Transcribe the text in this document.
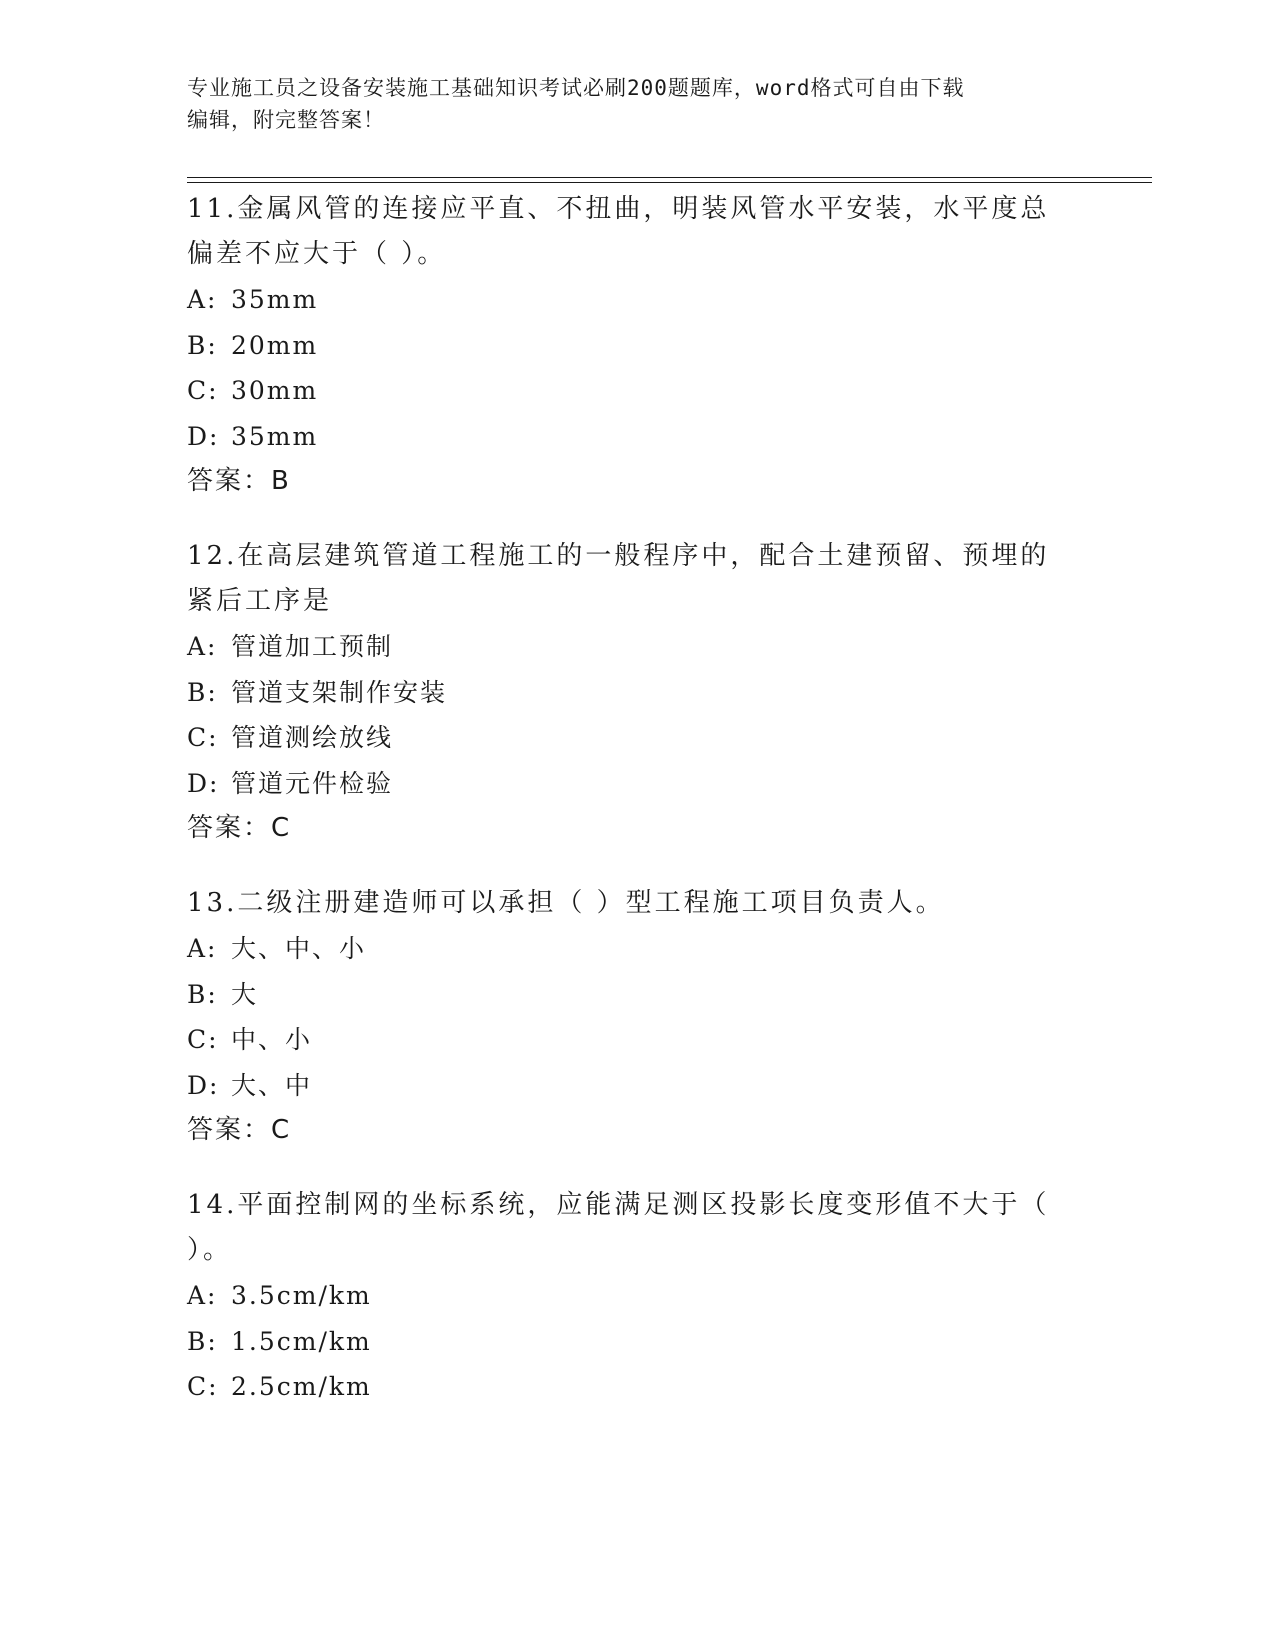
专业施工员之设备安装施工基础知识考试必刷200题题库，word格式可自由下载
编辑，附完整答案！

11.金属风管的连接应平直、不扭曲，明装风管水平安装，水平度总偏差不应大于（ ）。

A: 35mm
B: 20mm
C: 30mm
D: 35mm
答案：B

12.在高层建筑管道工程施工的一般程序中，配合土建预留、预埋的紧后工序是

A: 管道加工预制
B: 管道支架制作安装
C: 管道测绘放线
D: 管道元件检验
答案：C

13.二级注册建造师可以承担（ ）型工程施工项目负责人。

A: 大、中、小
B: 大
C: 中、小
D: 大、中
答案：C

14.平面控制网的坐标系统，应能满足测区投影长度变形值不大于（ ）。

A: 3.5cm/km
B: 1.5cm/km
C: 2.5cm/km
